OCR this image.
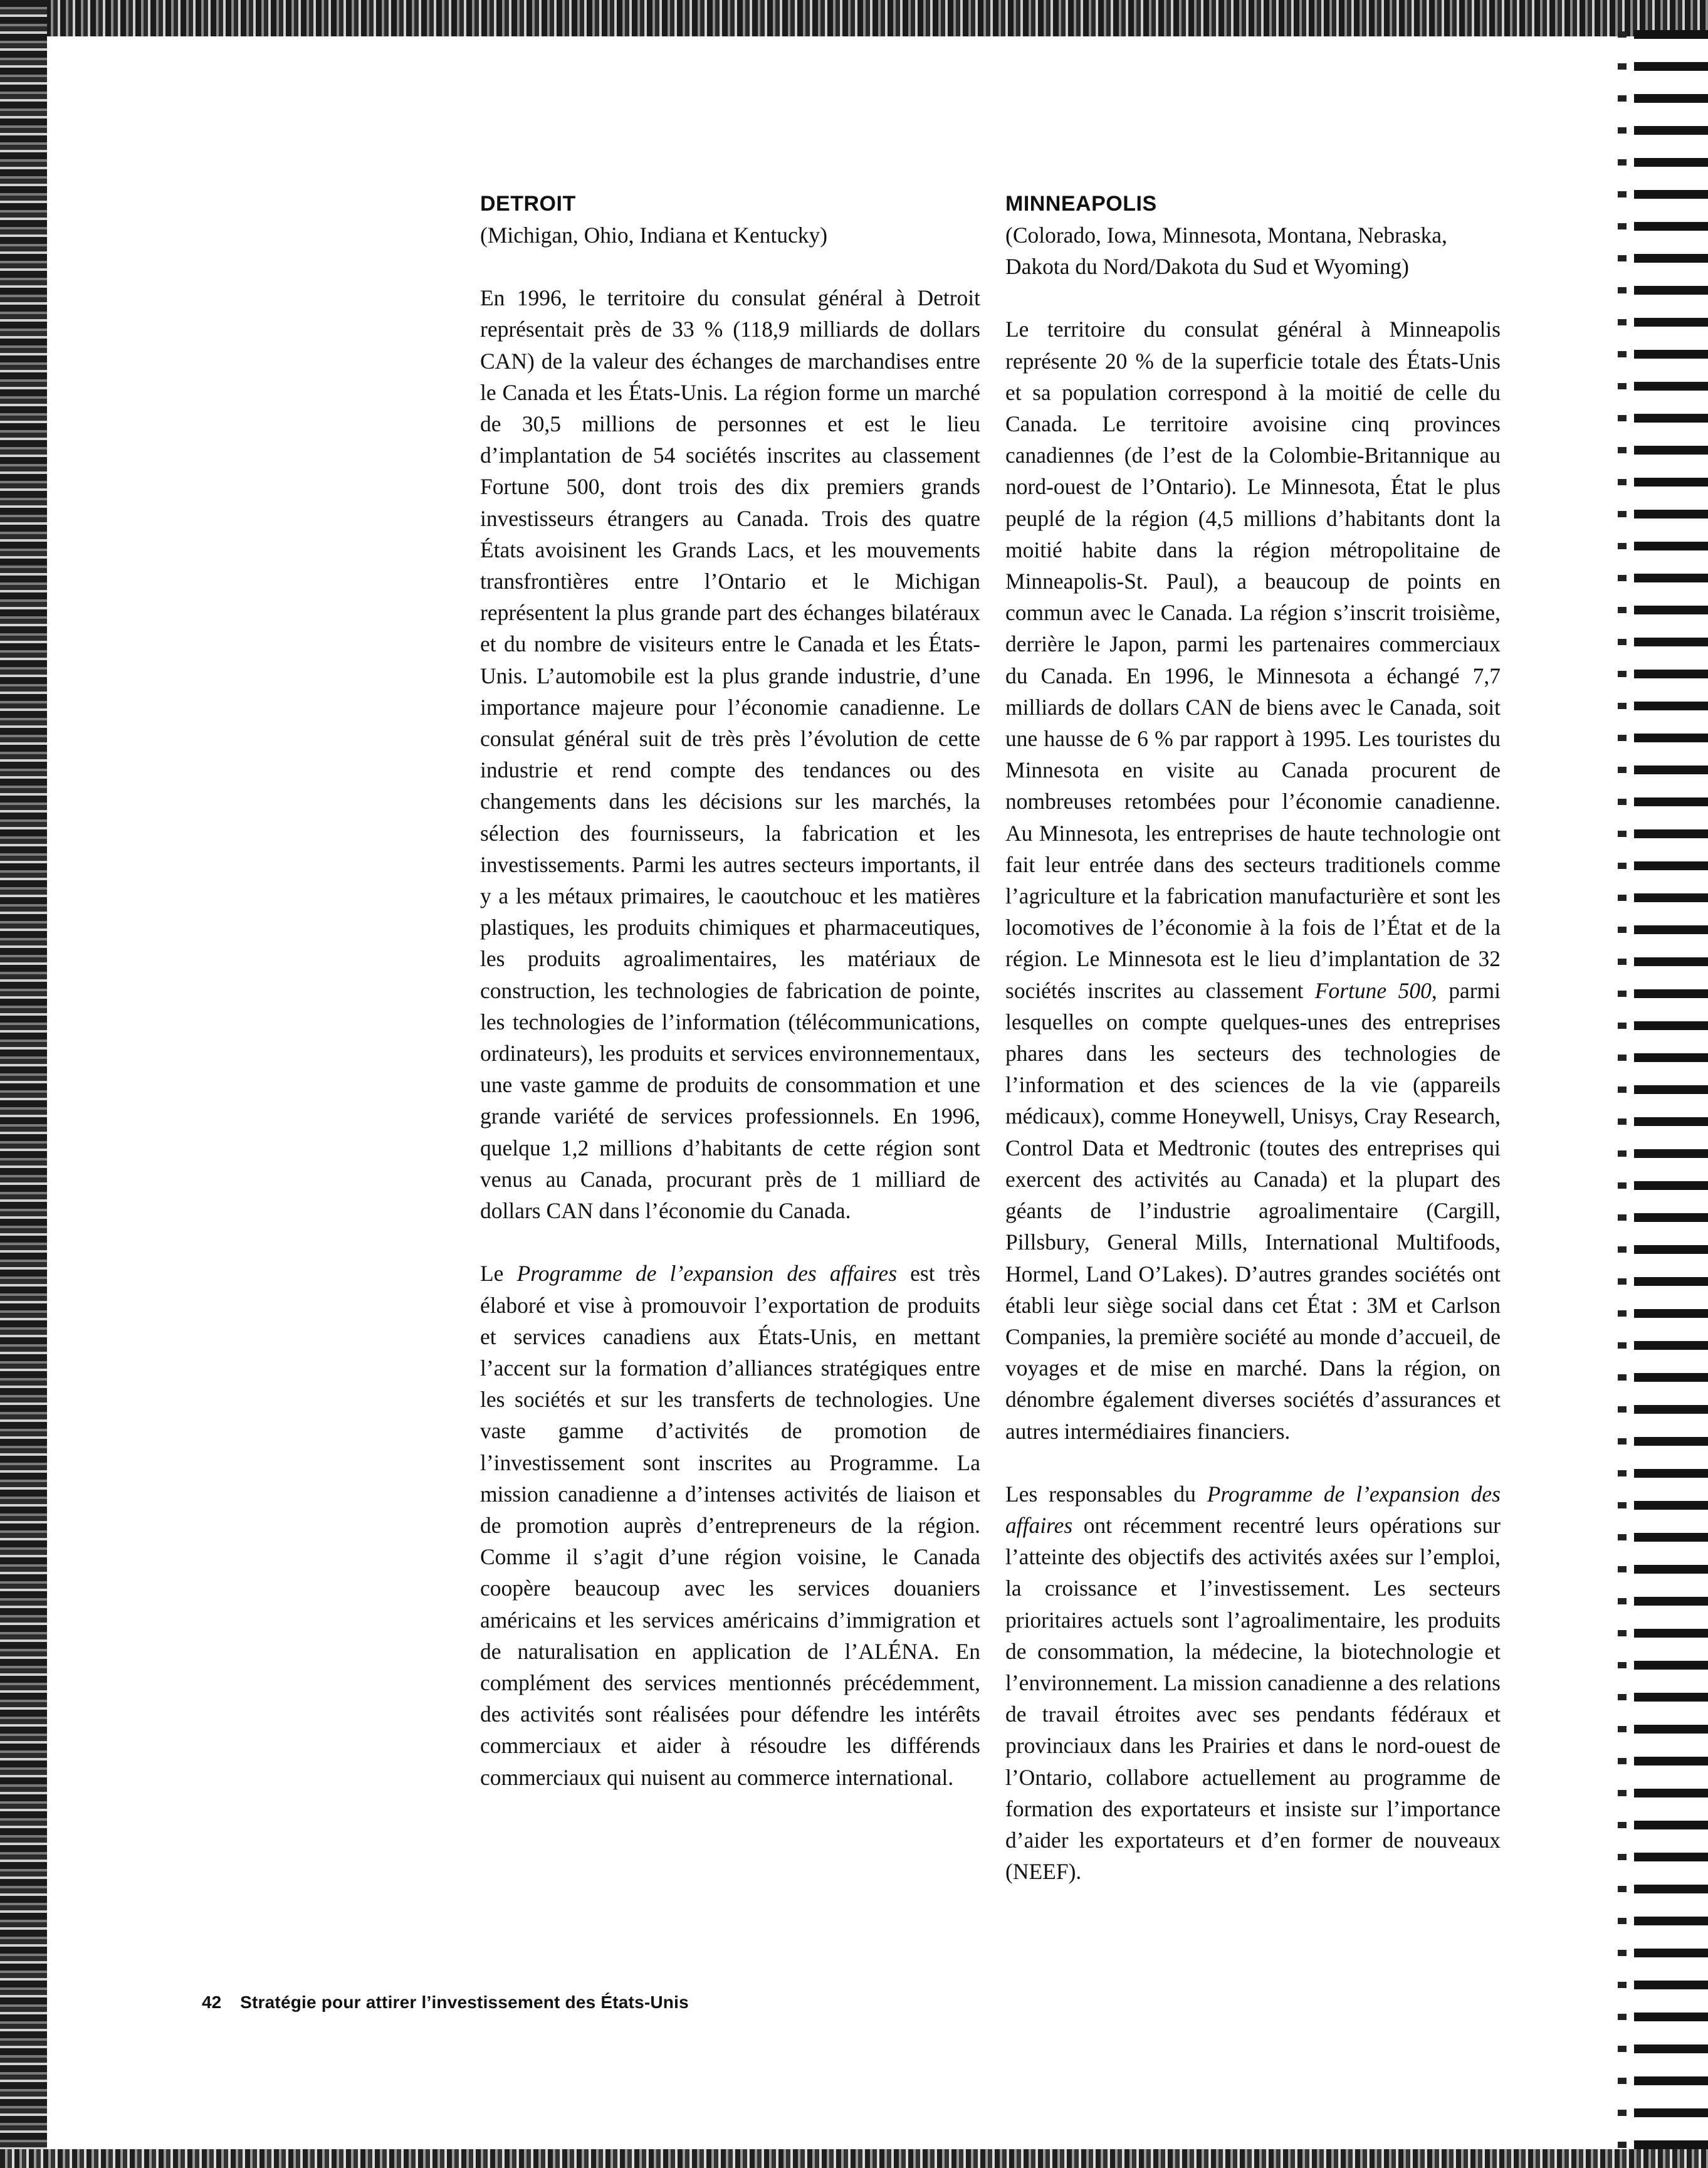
DETROIT
(Michigan, Ohio, Indiana et Kentucky)

En 1996, le territoire du consulat général à Detroit représentait près de 33 % (118,9 milliards de dollars CAN) de la valeur des échanges de marchandises entre le Canada et les États-Unis. La région forme un marché de 30,5 millions de personnes et est le lieu d’implantation de 54 sociétés inscrites au classement Fortune 500, dont trois des dix premiers grands investisseurs étrangers au Canada. Trois des quatre États avoisinent les Grands Lacs, et les mouvements transfrontières entre l’Ontario et le Michigan représentent la plus grande part des échanges bilatéraux et du nombre de visiteurs entre le Canada et les États-Unis. L’automobile est la plus grande industrie, d’une importance majeure pour l’économie canadienne. Le consulat général suit de très près l’évolution de cette industrie et rend compte des tendances ou des changements dans les décisions sur les marchés, la sélection des fournisseurs, la fabrication et les investissements. Parmi les autres secteurs importants, il y a les métaux primaires, le caoutchouc et les matières plastiques, les produits chimiques et pharmaceutiques, les produits agroalimentaires, les matériaux de construction, les technologies de fabrication de pointe, les technologies de l’information (télécommunications, ordinateurs), les produits et services environnementaux, une vaste gamme de produits de consommation et une grande variété de services professionnels. En 1996, quelque 1,2 millions d’habitants de cette région sont venus au Canada, procurant près de 1 milliard de dollars CAN dans l’économie du Canada.

Le Programme de l’expansion des affaires est très élaboré et vise à promouvoir l’exportation de produits et services canadiens aux États-Unis, en mettant l’accent sur la formation d’alliances stratégiques entre les sociétés et sur les transferts de technologies. Une vaste gamme d’activités de promotion de l’investissement sont inscrites au Programme. La mission canadienne a d’intenses activités de liaison et de promotion auprès d’entrepreneurs de la région. Comme il s’agit d’une région voisine, le Canada coopère beaucoup avec les services douaniers américains et les services américains d’immigration et de naturalisation en application de l’ALÉNA. En complément des services mentionnés précédemment, des activités sont réalisées pour défendre les intérêts commerciaux et aider à résoudre les différends commerciaux qui nuisent au commerce international.

MINNEAPOLIS
(Colorado, Iowa, Minnesota, Montana, Nebraska, Dakota du Nord/Dakota du Sud et Wyoming)

Le territoire du consulat général à Minneapolis représente 20 % de la superficie totale des États-Unis et sa population correspond à la moitié de celle du Canada. Le territoire avoisine cinq provinces canadiennes (de l’est de la Colombie-Britannique au nord-ouest de l’Ontario). Le Minnesota, État le plus peuplé de la région (4,5 millions d’habitants dont la moitié habite dans la région métropolitaine de Minneapolis-St. Paul), a beaucoup de points en commun avec le Canada. La région s’inscrit troisième, derrière le Japon, parmi les partenaires commerciaux du Canada. En 1996, le Minnesota a échangé 7,7 milliards de dollars CAN de biens avec le Canada, soit une hausse de 6 % par rapport à 1995. Les touristes du Minnesota en visite au Canada procurent de nombreuses retombées pour l’économie canadienne. Au Minnesota, les entreprises de haute technologie ont fait leur entrée dans des secteurs traditionels comme l’agriculture et la fabrication manufacturière et sont les locomotives de l’économie à la fois de l’État et de la région. Le Minnesota est le lieu d’implantation de 32 sociétés inscrites au classement Fortune 500, parmi lesquelles on compte quelques-unes des entreprises phares dans les secteurs des technologies de l’information et des sciences de la vie (appareils médicaux), comme Honeywell, Unisys, Cray Research, Control Data et Medtronic (toutes des entreprises qui exercent des activités au Canada) et la plupart des géants de l’industrie agroalimentaire (Cargill, Pillsbury, General Mills, International Multifoods, Hormel, Land O’Lakes). D’autres grandes sociétés ont établi leur siège social dans cet État : 3M et Carlson Companies, la première société au monde d’accueil, de voyages et de mise en marché. Dans la région, on dénombre également diverses sociétés d’assurances et autres intermédiaires financiers.

Les responsables du Programme de l’expansion des affaires ont récemment recentré leurs opérations sur l’atteinte des objectifs des activités axées sur l’emploi, la croissance et l’investissement. Les secteurs prioritaires actuels sont l’agroalimentaire, les produits de consommation, la médecine, la biotechnologie et l’environnement. La mission canadienne a des relations de travail étroites avec ses pendants fédéraux et provinciaux dans les Prairies et dans le nord-ouest de l’Ontario, collabore actuellement au programme de formation des exportateurs et insiste sur l’importance d’aider les exportateurs et d’en former de nouveaux (NEEF).

42 Stratégie pour attirer l’investissement des États-Unis
